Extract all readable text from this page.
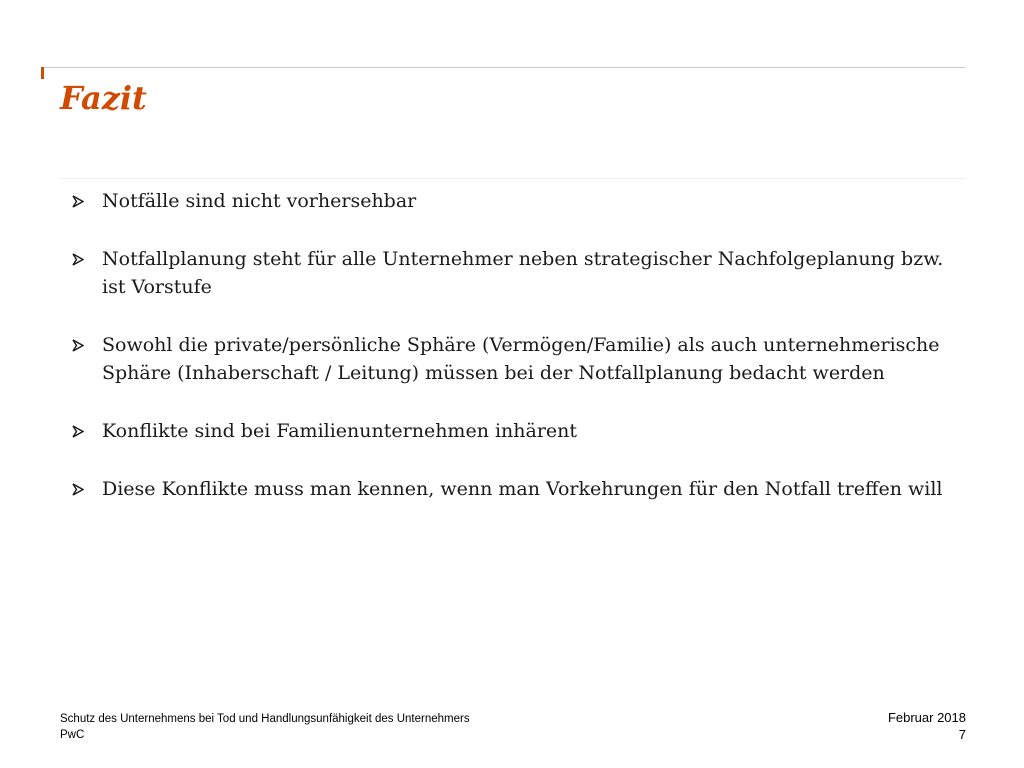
Fazit
Notfälle sind nicht vorhersehbar
Notfallplanung steht für alle Unternehmer neben strategischer Nachfolgeplanung bzw. ist Vorstufe
Sowohl die private/persönliche Sphäre (Vermögen/Familie) als auch unternehmerische Sphäre (Inhaberschaft / Leitung) müssen bei der Notfallplanung bedacht werden
Konflikte sind bei Familienunternehmen inhärent
Diese Konflikte muss man kennen, wenn man Vorkehrungen für den Notfall treffen will
Schutz des Unternehmens bei Tod und Handlungsunfähigkeit des Unternehmers
PwC
Februar 2018
7
